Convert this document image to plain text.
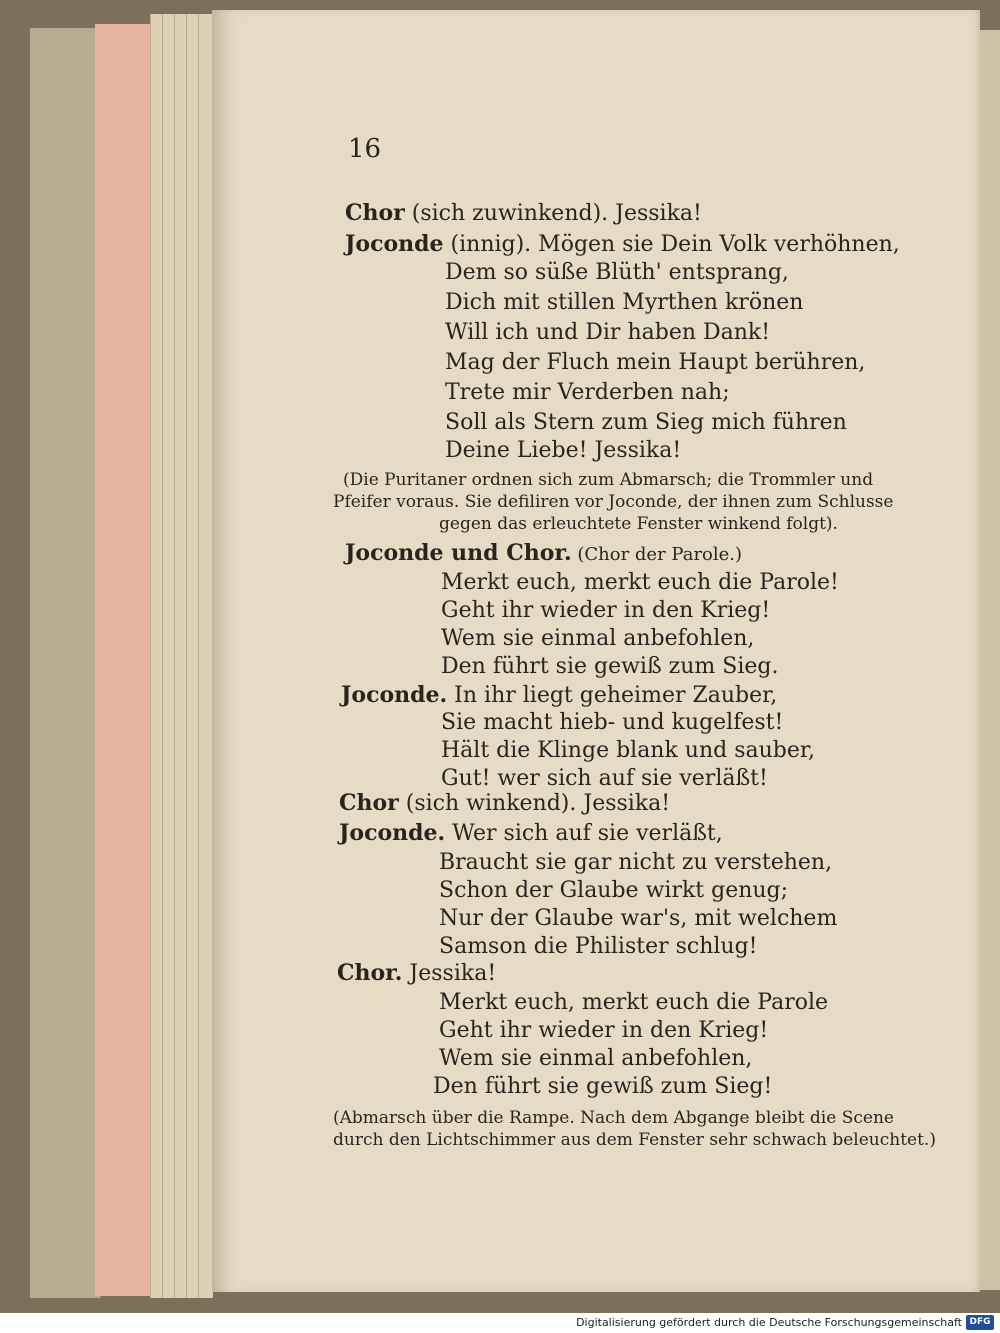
16
Chor (sich zuwinkend). Jessika!
Joconde (innig). Mögen sie Dein Volk verhöhnen,
Dem so süße Blüth' entsprang,
Dich mit stillen Myrthen krönen
Will ich und Dir haben Dank!
Mag der Fluch mein Haupt berühren,
Trete mir Verderben nah;
Soll als Stern zum Sieg mich führen
Deine Liebe! Jessika!
(Die Puritaner ordnen sich zum Abmarsch; die Trommler und
Pfeifer voraus. Sie defiliren vor Joconde, der ihnen zum Schlusse
gegen das erleuchtete Fenster winkend folgt).
Joconde und Chor. (Chor der Parole.)
Merkt euch, merkt euch die Parole!
Geht ihr wieder in den Krieg!
Wem sie einmal anbefohlen,
Den führt sie gewiß zum Sieg.
Joconde. In ihr liegt geheimer Zauber,
Sie macht hieb- und kugelfest!
Hält die Klinge blank und sauber,
Gut! wer sich auf sie verläßt!
Chor (sich winkend). Jessika!
Joconde. Wer sich auf sie verläßt,
Braucht sie gar nicht zu verstehen,
Schon der Glaube wirkt genug;
Nur der Glaube war's, mit welchem
Samson die Philister schlug!
Chor. Jessika!
Merkt euch, merkt euch die Parole
Geht ihr wieder in den Krieg!
Wem sie einmal anbefohlen,
Den führt sie gewiß zum Sieg!
(Abmarsch über die Rampe. Nach dem Abgange bleibt die Scene
durch den Lichtschimmer aus dem Fenster sehr schwach beleuchtet.)
Digitalisierung gefördert durch die Deutsche Forschungsgemeinschaft DFG
